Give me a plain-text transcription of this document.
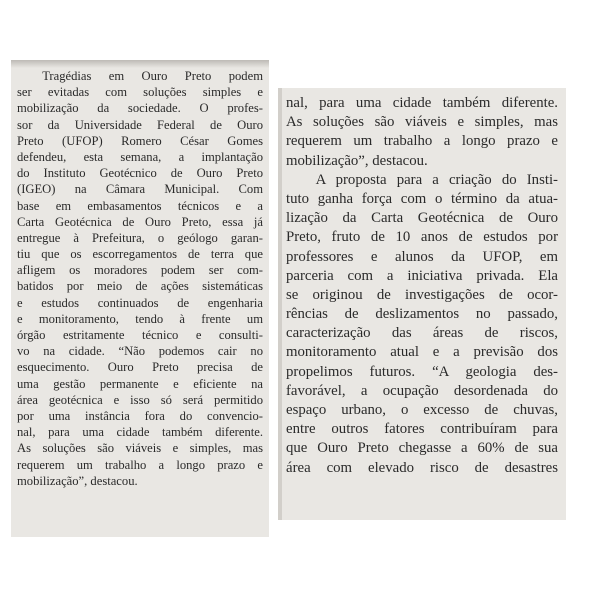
Tragédias em Ouro Preto podem
ser evitadas com soluções simples e
mobilização da sociedade. O profes-
sor da Universidade Federal de Ouro
Preto (UFOP) Romero César Gomes
defendeu, esta semana, a implantação
do Instituto Geotécnico de Ouro Preto
(IGEO) na Câmara Municipal. Com
base em embasamentos técnicos e a
Carta Geotécnica de Ouro Preto, essa já
entregue à Prefeitura, o geólogo garan-
tiu que os escorregamentos de terra que
afligem os moradores podem ser com-
batidos por meio de ações sistemáticas
e estudos continuados de engenharia
e monitoramento, tendo à frente um
órgão estritamente técnico e consulti-
vo na cidade. “Não podemos cair no
esquecimento. Ouro Preto precisa de
uma gestão permanente e eficiente na
área geotécnica e isso só será permitido
por uma instância fora do convencio-
nal, para uma cidade também diferente.
As soluções são viáveis e simples, mas
requerem um trabalho a longo prazo e
mobilização”, destacou.
nal, para uma cidade também diferente.
As soluções são viáveis e simples, mas
requerem um trabalho a longo prazo e
mobilização”, destacou.
A proposta para a criação do Insti-
tuto ganha força com o término da atua-
lização da Carta Geotécnica de Ouro
Preto, fruto de 10 anos de estudos por
professores e alunos da UFOP, em
parceria com a iniciativa privada. Ela
se originou de investigações de ocor-
rências de deslizamentos no passado,
caracterização das áreas de riscos,
monitoramento atual e a previsão dos
propelimos futuros. “A geologia des-
favorável, a ocupação desordenada do
espaço urbano, o excesso de chuvas,
entre outros fatores contribuíram para
que Ouro Preto chegasse a 60% de sua
área com elevado risco de desastres
